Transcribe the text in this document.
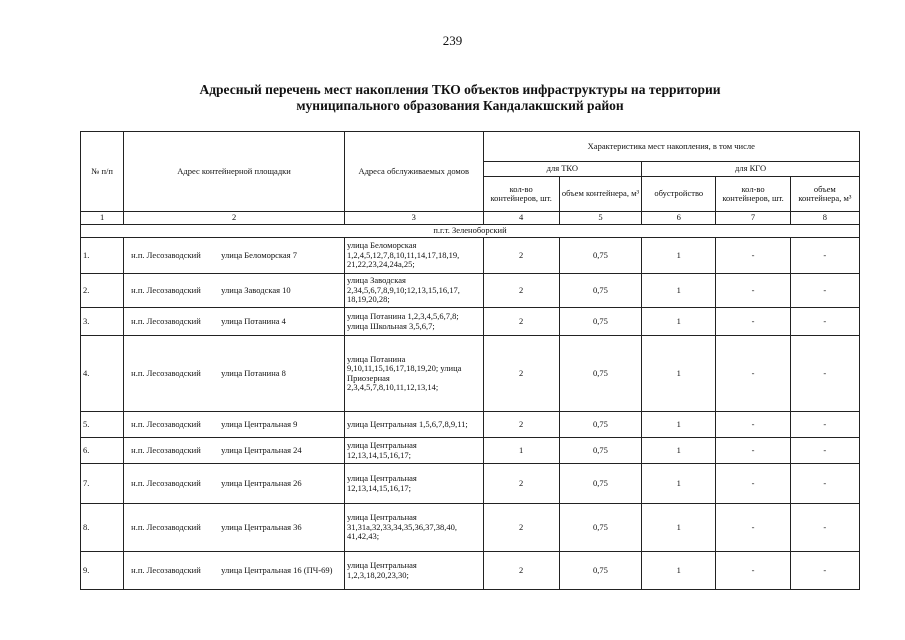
239
Адресный перечень мест накопления ТКО объектов инфраструктуры на территории
муниципального образования Кандалакшский район
№ п/п	Адрес контейнерной площадки	Адреса обслуживаемых домов	Характеристика мест накопления, в том числе				
			для ТКО		для КГО		
			кол-во контейнеров, шт.	объем контейнера, м³	обустройство	кол-во контейнеров, шт.	объем контейнера, м³
1	2	3	4	5	6	7	8
п.г.т. Зеленоборский							
1.	н.п. Лесозаводский улица Беломорская 7	улица Беломорская 1,2,4,5,12,7,8,10,11,14,17,18,19, 21,22,23,24,24а,25;	2	0,75	1	-	-
2.	н.п. Лесозаводский улица Заводская 10	улица Заводская 2,34,5,6,7,8,9,10;12,13,15,16,17, 18,19,20,28;	2	0,75	1	-	-
3.	н.п. Лесозаводский улица Потанина 4	улица Потанина 1,2,3,4,5,6,7,8; улица Школьная 3,5,6,7;	2	0,75	1	-	-
4.	н.п. Лесозаводский улица Потанина 8	улица Потанина 9,10,11,15,16,17,18,19,20; улица Приозерная 2,3,4,5,7,8,10,11,12,13,14;	2	0,75	1	-	-
5.	н.п. Лесозаводский улица Центральная 9	улица Центральная 1,5,6,7,8,9,11;	2	0,75	1	-	-
6.	н.п. Лесозаводский улица Центральная 24	улица Центральная 12,13,14,15,16,17;	1	0,75	1	-	-
7.	н.п. Лесозаводский улица Центральная 26	улица Центральная 12,13,14,15,16,17;	2	0,75	1	-	-
8.	н.п. Лесозаводский улица Центральная 36	улица Центральная 31,31а,32,33,34,35,36,37,38,40, 41,42,43;	2	0,75	1	-	-
9.	н.п. Лесозаводский улица Центральная 16 (ПЧ-69)	улица Центральная 1,2,3,18,20,23,30;	2	0,75	1	-	-
